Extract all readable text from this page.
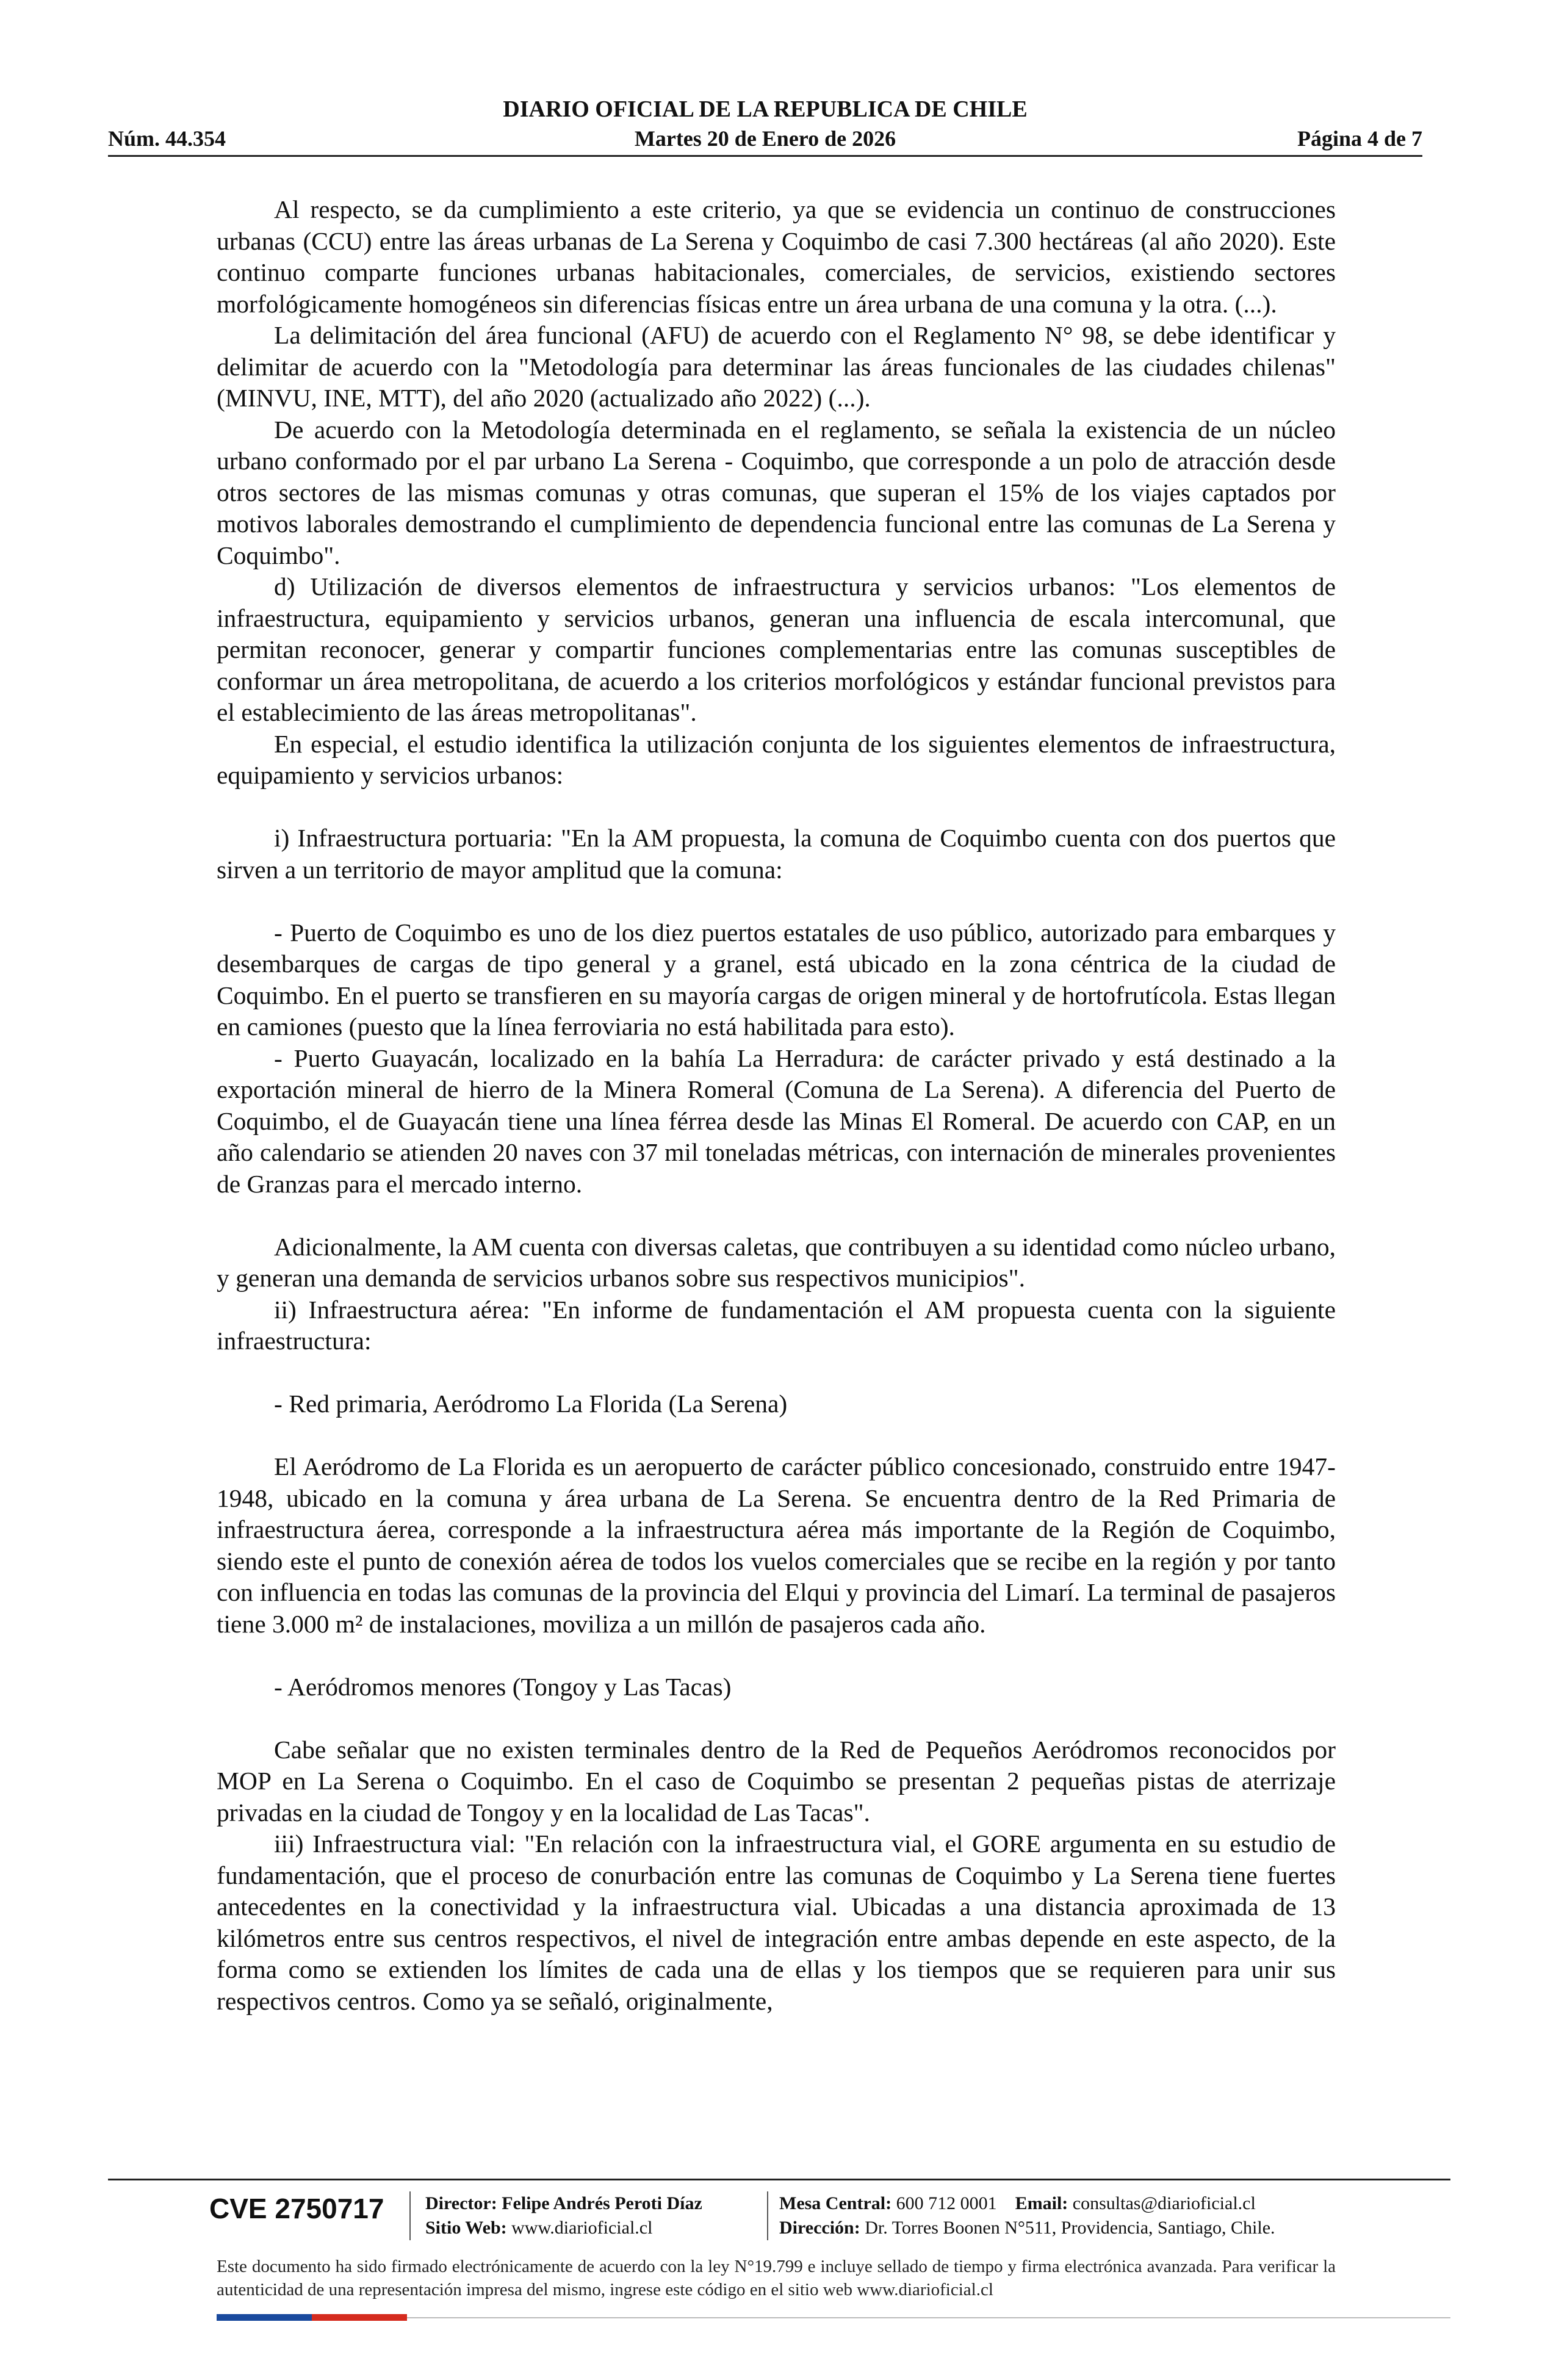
DIARIO OFICIAL DE LA REPUBLICA DE CHILE
Núm. 44.354	Martes 20 de Enero de 2026	Página 4 de 7

Al respecto, se da cumplimiento a este criterio, ya que se evidencia un continuo de construcciones urbanas (CCU) entre las áreas urbanas de La Serena y Coquimbo de casi 7.300 hectáreas (al año 2020). Este continuo comparte funciones urbanas habitacionales, comerciales, de servicios, existiendo sectores morfológicamente homogéneos sin diferencias físicas entre un área urbana de una comuna y la otra. (...).

La delimitación del área funcional (AFU) de acuerdo con el Reglamento N° 98, se debe identificar y delimitar de acuerdo con la "Metodología para determinar las áreas funcionales de las ciudades chilenas" (MINVU, INE, MTT), del año 2020 (actualizado año 2022) (...).

De acuerdo con la Metodología determinada en el reglamento, se señala la existencia de un núcleo urbano conformado por el par urbano La Serena - Coquimbo, que corresponde a un polo de atracción desde otros sectores de las mismas comunas y otras comunas, que superan el 15% de los viajes captados por motivos laborales demostrando el cumplimiento de dependencia funcional entre las comunas de La Serena y Coquimbo".

d) Utilización de diversos elementos de infraestructura y servicios urbanos: "Los elementos de infraestructura, equipamiento y servicios urbanos, generan una influencia de escala intercomunal, que permitan reconocer, generar y compartir funciones complementarias entre las comunas susceptibles de conformar un área metropolitana, de acuerdo a los criterios morfológicos y estándar funcional previstos para el establecimiento de las áreas metropolitanas".

En especial, el estudio identifica la utilización conjunta de los siguientes elementos de infraestructura, equipamiento y servicios urbanos:

i) Infraestructura portuaria: "En la AM propuesta, la comuna de Coquimbo cuenta con dos puertos que sirven a un territorio de mayor amplitud que la comuna:

- Puerto de Coquimbo es uno de los diez puertos estatales de uso público, autorizado para embarques y desembarques de cargas de tipo general y a granel, está ubicado en la zona céntrica de la ciudad de Coquimbo. En el puerto se transfieren en su mayoría cargas de origen mineral y de hortofrutícola. Estas llegan en camiones (puesto que la línea ferroviaria no está habilitada para esto).

- Puerto Guayacán, localizado en la bahía La Herradura: de carácter privado y está destinado a la exportación mineral de hierro de la Minera Romeral (Comuna de La Serena). A diferencia del Puerto de Coquimbo, el de Guayacán tiene una línea férrea desde las Minas El Romeral. De acuerdo con CAP, en un año calendario se atienden 20 naves con 37 mil toneladas métricas, con internación de minerales provenientes de Granzas para el mercado interno.

Adicionalmente, la AM cuenta con diversas caletas, que contribuyen a su identidad como núcleo urbano, y generan una demanda de servicios urbanos sobre sus respectivos municipios".

ii) Infraestructura aérea: "En informe de fundamentación el AM propuesta cuenta con la siguiente infraestructura:

- Red primaria, Aeródromo La Florida (La Serena)

El Aeródromo de La Florida es un aeropuerto de carácter público concesionado, construido entre 1947-1948, ubicado en la comuna y área urbana de La Serena. Se encuentra dentro de la Red Primaria de infraestructura áerea, corresponde a la infraestructura aérea más importante de la Región de Coquimbo, siendo este el punto de conexión aérea de todos los vuelos comerciales que se recibe en la región y por tanto con influencia en todas las comunas de la provincia del Elqui y provincia del Limarí. La terminal de pasajeros tiene 3.000 m² de instalaciones, moviliza a un millón de pasajeros cada año.

- Aeródromos menores (Tongoy y Las Tacas)

Cabe señalar que no existen terminales dentro de la Red de Pequeños Aeródromos reconocidos por MOP en La Serena o Coquimbo. En el caso de Coquimbo se presentan 2 pequeñas pistas de aterrizaje privadas en la ciudad de Tongoy y en la localidad de Las Tacas".

iii) Infraestructura vial: "En relación con la infraestructura vial, el GORE argumenta en su estudio de fundamentación, que el proceso de conurbación entre las comunas de Coquimbo y La Serena tiene fuertes antecedentes en la conectividad y la infraestructura vial. Ubicadas a una distancia aproximada de 13 kilómetros entre sus centros respectivos, el nivel de integración entre ambas depende en este aspecto, de la forma como se extienden los límites de cada una de ellas y los tiempos que se requieren para unir sus respectivos centros. Como ya se señaló, originalmente,

CVE 2750717 Director: Felipe Andrés Peroti Díaz
Sitio Web: www.diarioficial.cl
Mesa Central: 600 712 0001 Email: consultas@diarioficial.cl
Dirección: Dr. Torres Boonen N°511, Providencia, Santiago, Chile.
Este documento ha sido firmado electrónicamente de acuerdo con la ley N°19.799 e incluye sellado de tiempo y firma electrónica avanzada. Para verificar la autenticidad de una representación impresa del mismo, ingrese este código en el sitio web www.diarioficial.cl
